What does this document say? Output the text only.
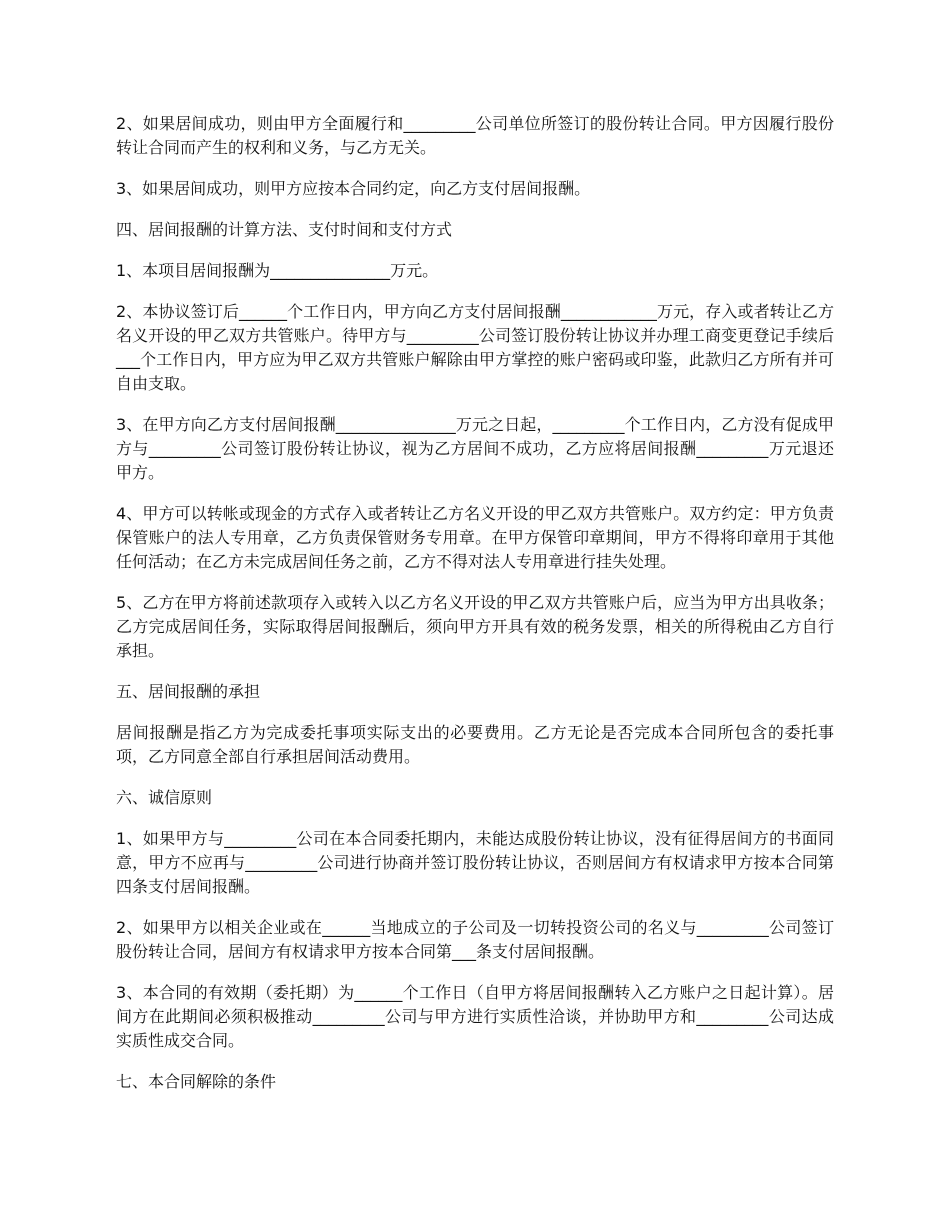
2、如果居间成功，则由甲方全面履行和_________公司单位所签订的股份转让合同。甲方因履行股份转让合同而产生的权利和义务，与乙方无关。

3、如果居间成功，则甲方应按本合同约定，向乙方支付居间报酬。

四、居间报酬的计算方法、支付时间和支付方式

1、本项目居间报酬为_______________万元。

2、本协议签订后______个工作日内，甲方向乙方支付居间报酬____________万元，存入或者转让乙方名义开设的甲乙双方共管账户。待甲方与_________公司签订股份转让协议并办理工商变更登记手续后___个工作日内，甲方应为甲乙双方共管账户解除由甲方掌控的账户密码或印鉴，此款归乙方所有并可自由支取。

3、在甲方向乙方支付居间报酬_______________万元之日起，_________个工作日内，乙方没有促成甲方与_________公司签订股份转让协议，视为乙方居间不成功，乙方应将居间报酬_________万元退还甲方。

4、甲方可以转帐或现金的方式存入或者转让乙方名义开设的甲乙双方共管账户。双方约定：甲方负责保管账户的法人专用章，乙方负责保管财务专用章。在甲方保管印章期间，甲方不得将印章用于其他任何活动；在乙方未完成居间任务之前，乙方不得对法人专用章进行挂失处理。

5、乙方在甲方将前述款项存入或转入以乙方名义开设的甲乙双方共管账户后，应当为甲方出具收条；乙方完成居间任务，实际取得居间报酬后，须向甲方开具有效的税务发票，相关的所得税由乙方自行承担。

五、居间报酬的承担

居间报酬是指乙方为完成委托事项实际支出的必要费用。乙方无论是否完成本合同所包含的委托事项，乙方同意全部自行承担居间活动费用。

六、诚信原则

1、如果甲方与_________公司在本合同委托期内，未能达成股份转让协议，没有征得居间方的书面同意，甲方不应再与_________公司进行协商并签订股份转让协议，否则居间方有权请求甲方按本合同第四条支付居间报酬。

2、如果甲方以相关企业或在______当地成立的子公司及一切转投资公司的名义与_________公司签订股份转让合同，居间方有权请求甲方按本合同第___条支付居间报酬。

3、本合同的有效期（委托期）为______个工作日（自甲方将居间报酬转入乙方账户之日起计算）。居间方在此期间必须积极推动_________公司与甲方进行实质性洽谈，并协助甲方和_________公司达成实质性成交合同。

七、本合同解除的条件
